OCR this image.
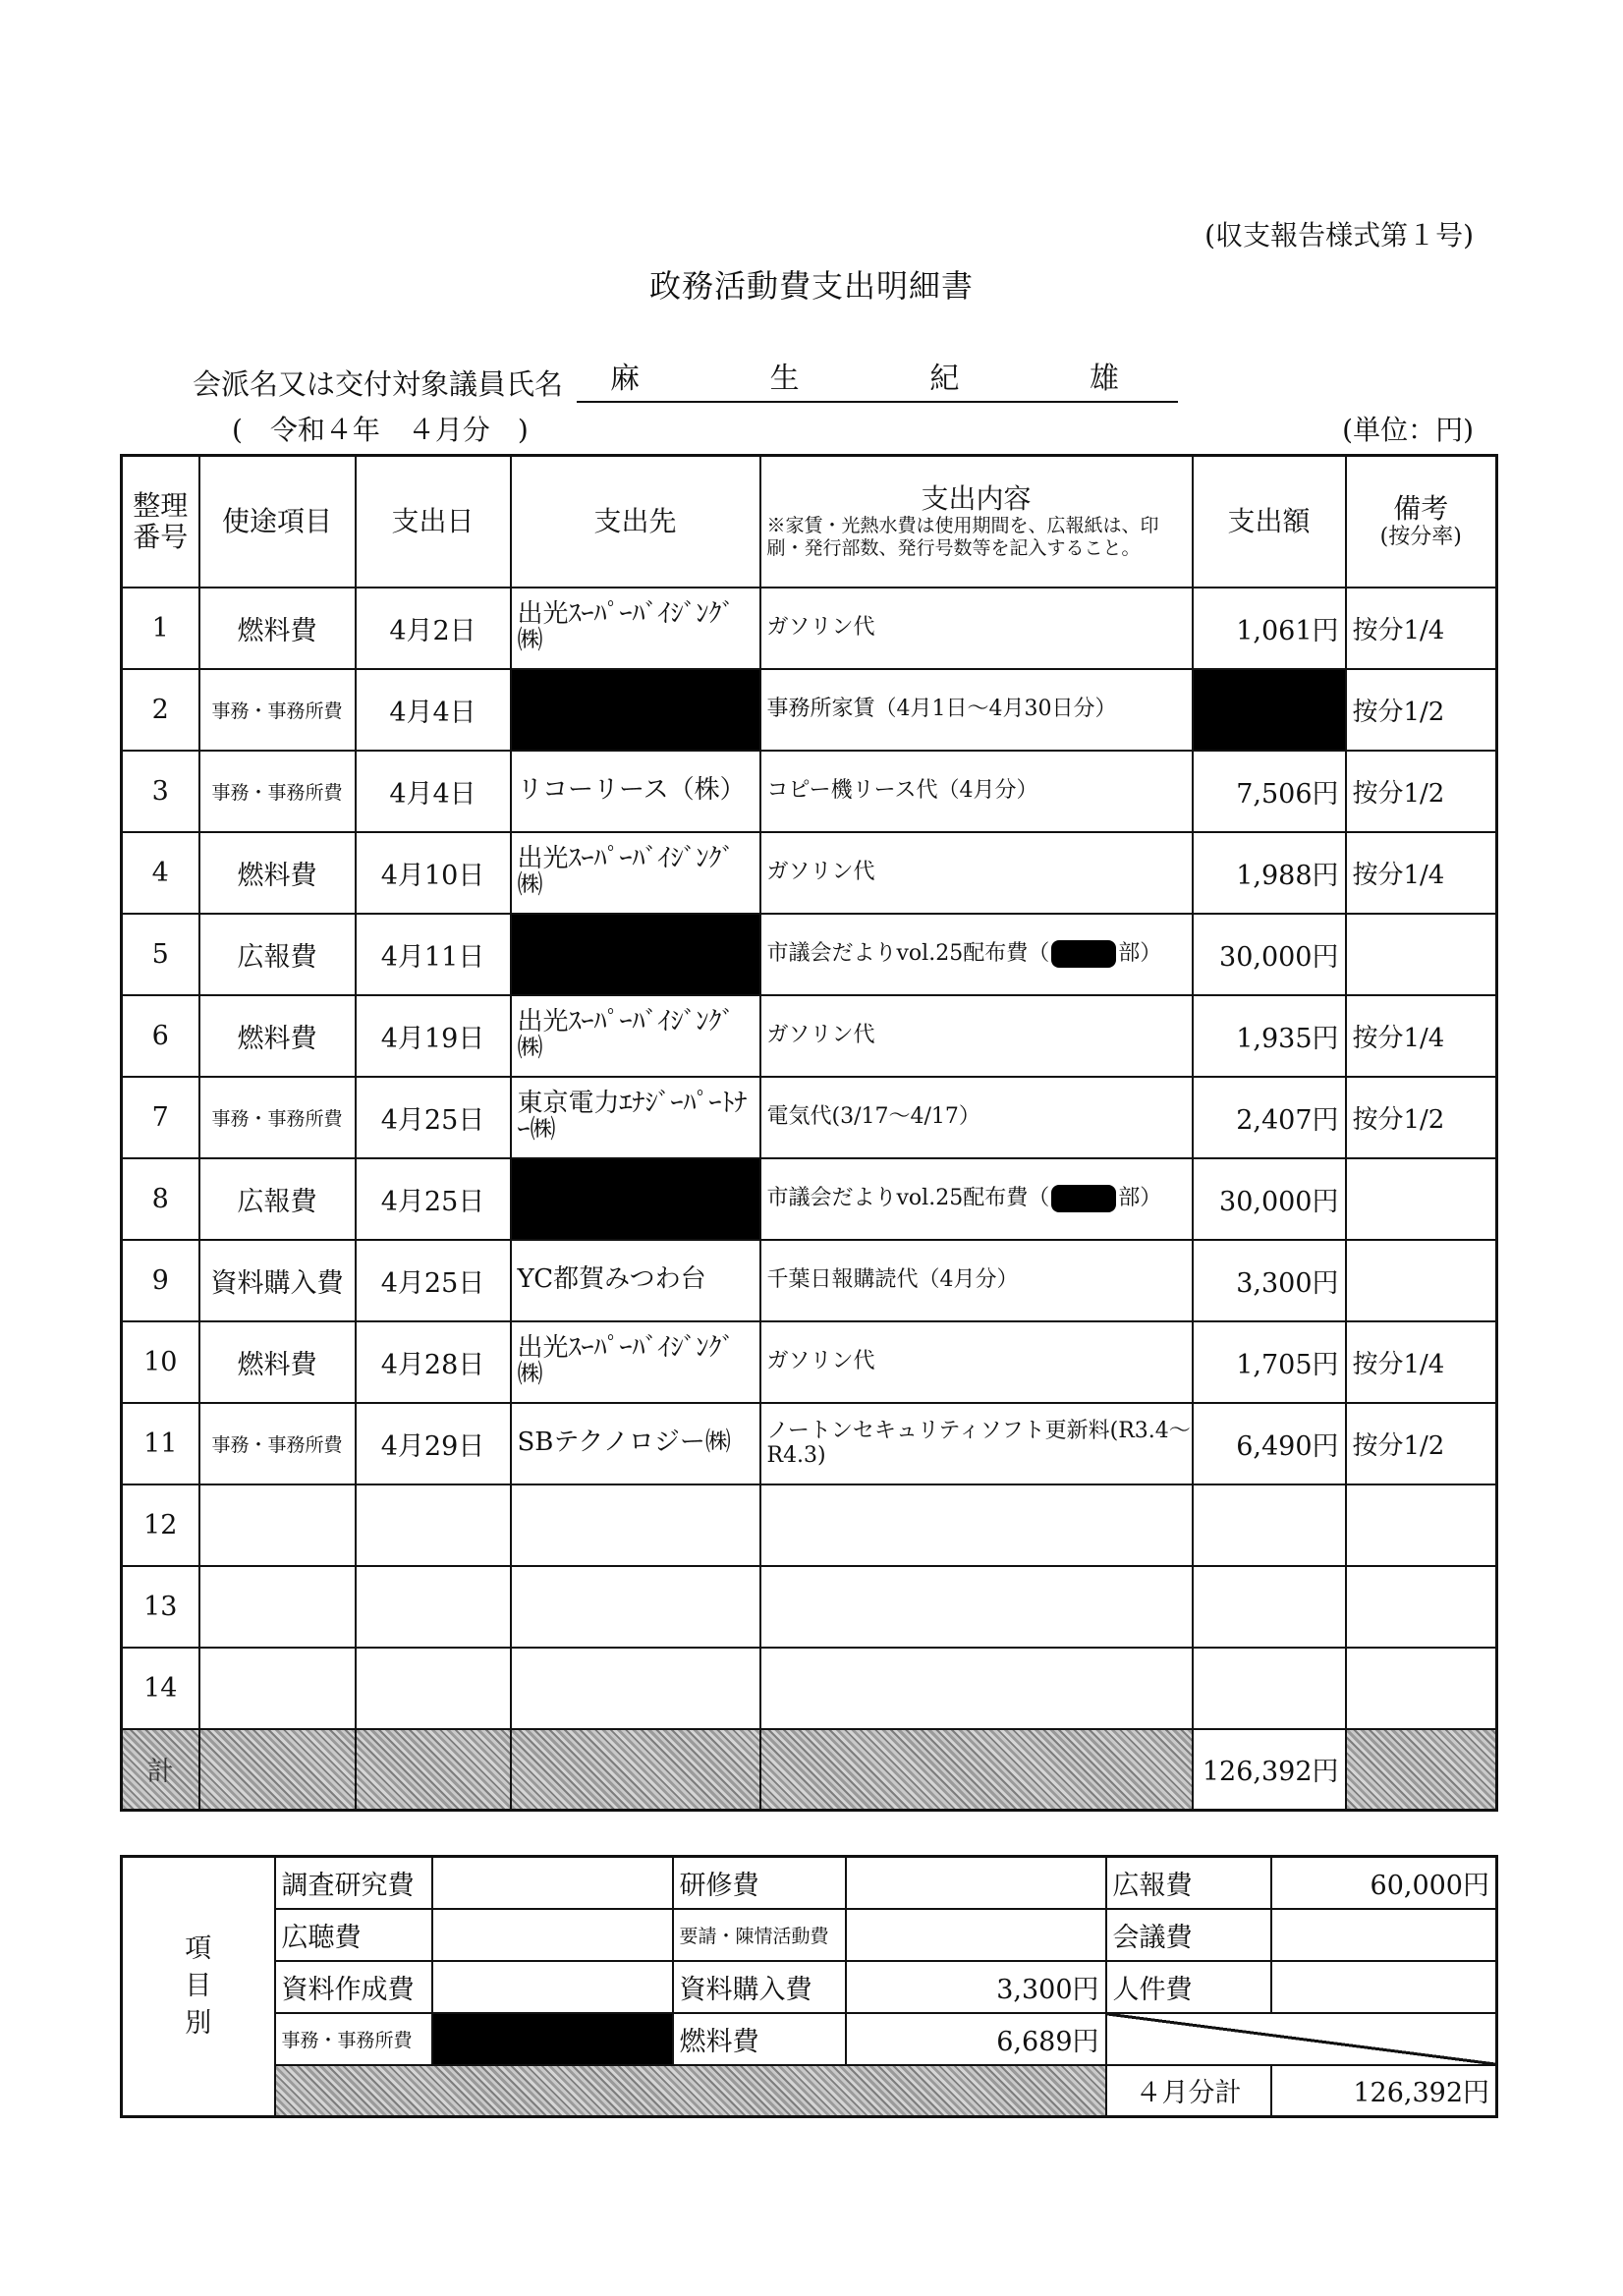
(収支報告様式第１号)
政務活動費支出明細書
会派名又は交付対象議員氏名 麻	生	紀	雄
(　令和４年　４月分　)	(単位：円)
整理
番号	使途項目	支出日	支出先	支出内容
※家賃・光熱水費は使用期間を、広報紙は、印刷・発行部数、発行号数等を記入すること。	支出額	備考
(按分率)

1	燃料費	4月2日	出光ｽｰﾊﾟｰﾊﾞｲｼﾞﾝｸﾞ㈱	ガソリン代	1,061円	按分1/4
2	事務・事務所費	4月4日		事務所家賃（4月1日～4月30日分）		按分1/2
3	事務・事務所費	4月4日	リコーリース（株）	コピー機リース代（4月分）	7,506円	按分1/2
4	燃料費	4月10日	出光ｽｰﾊﾟｰﾊﾞｲｼﾞﾝｸﾞ㈱	ガソリン代	1,988円	按分1/4
5	広報費	4月11日		市議会だよりvol.25配布費（ 部）	30,000円	
6	燃料費	4月19日	出光ｽｰﾊﾟｰﾊﾞｲｼﾞﾝｸﾞ㈱	ガソリン代	1,935円	按分1/4
7	事務・事務所費	4月25日	東京電力ｴﾅｼﾞｰﾊﾟｰﾄﾅｰ㈱	電気代(3/17～4/17）	2,407円	按分1/2
8	広報費	4月25日		市議会だよりvol.25配布費（ 部）	30,000円	
9	資料購入費	4月25日	YC都賀みつわ台	千葉日報購読代（4月分）	3,300円	
10	燃料費	4月28日	出光ｽｰﾊﾟｰﾊﾞｲｼﾞﾝｸﾞ㈱	ガソリン代	1,705円	按分1/4
11	事務・事務所費	4月29日	SBテクノロジー㈱	ノートンセキュリティソフト更新料(R3.4～R4.3)	6,490円	按分1/2
12						
13						
14						
計					126,392円	
項
目
別	調査研究費		研修費		広報費	60,000円
	広聴費		要請・陳情活動費		会議費	
	資料作成費		資料購入費	3,300円	人件費	
	事務・事務所費		燃料費	6,689円		
					４月分計	126,392円
